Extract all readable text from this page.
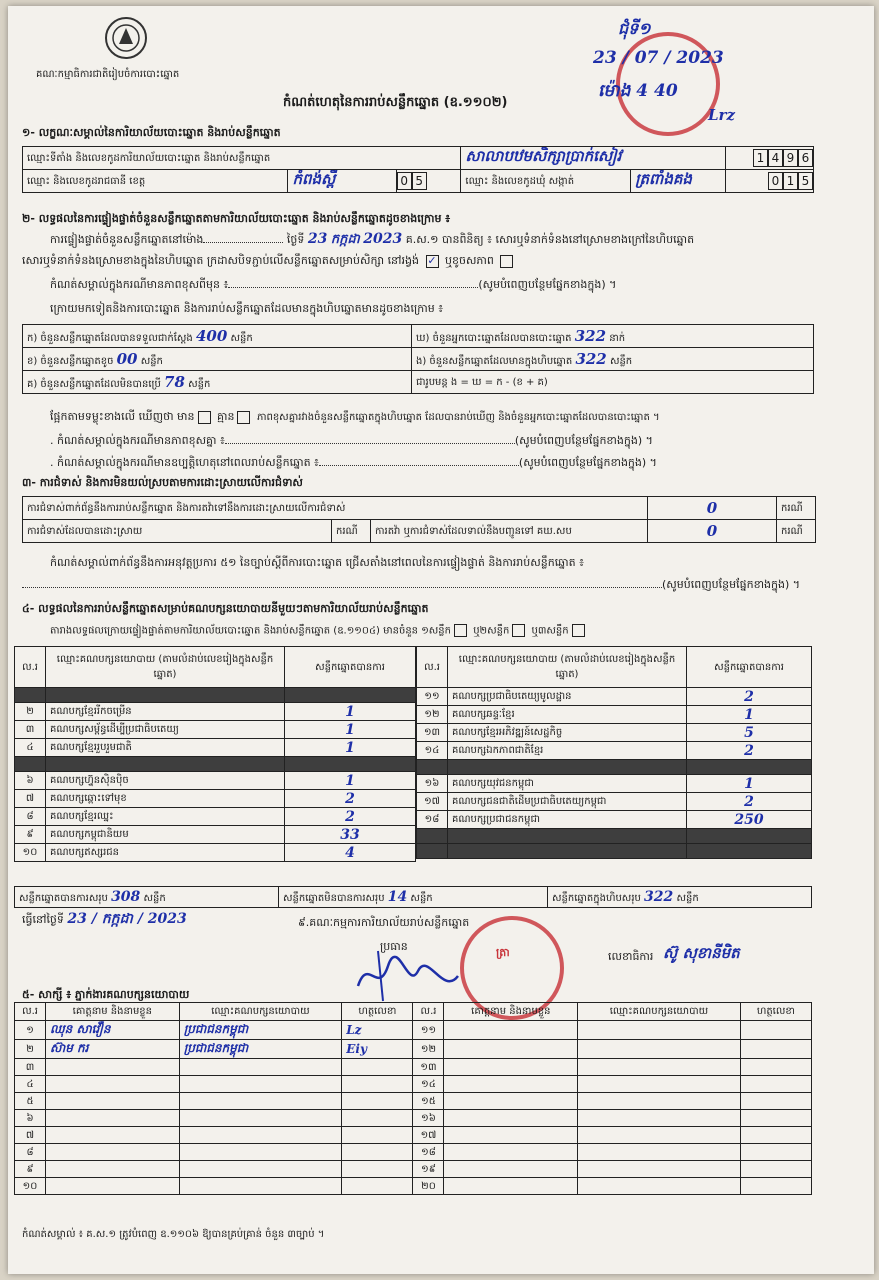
គណៈកម្មាធិការជាតិរៀបចំការបោះឆ្នោត
កំណត់ហេតុនៃការរាប់សន្លឹកឆ្នោត (ឧ.១១០២)
ជុំទី១
23 / 07 / 2023
ម៉ោង 4 40
Lrz
១- លក្ខណៈសម្គាល់នៃការិយាល័យបោះឆ្នោត និងរាប់សន្លឹកឆ្នោត
ឈ្មោះទីតាំង និងលេខកូដការិយាល័យបោះឆ្នោត និងរាប់សន្លឹកឆ្នោត			សាលាបឋមសិក្សាប្រាក់សៀវ		1 4 9 6
ឈ្មោះ និងលេខកូដរាជធានី ខេត្ត	កំពង់ស្ពឺ	0 5	ឈ្មោះ និងលេខកូដឃុំ សង្កាត់	ត្រពាំងគង	0 1 5
២- លទ្ធផលនៃការផ្ទៀងផ្ទាត់ចំនួនសន្លឹកឆ្នោតតាមការិយាល័យបោះឆ្នោត និងរាប់សន្លឹកឆ្នោតដូចខាងក្រោម ៖
ការផ្ទៀងផ្ទាត់ចំនួនសន្លឹកឆ្នោតនៅម៉ោង	ថ្ងៃទី 23 កក្កដា 2023 គ.ស.១ បានពិនិត្យ ៖ សោរឬទំនាក់ទំនងនៅស្រោមខាងក្រៅនៃហិបឆ្នោត
សោរឬទំនាក់ទំនងស្រោមខាងក្នុងនៃហិបឆ្នោត ក្រដាសបិទភ្ជាប់លើសន្លឹកឆ្នោតសម្រាប់សិក្សា នៅរង្វង់ ✓ ឬខូចសភាព
កំណត់សម្គាល់ក្នុងករណីមានភាពខុសពីមុន ៖	(សូមបំពេញបន្ថែមផ្នែកខាងក្នុង) ។
ក្រោយមកទៀតនិងការបោះឆ្នោត និងការរាប់សន្លឹកឆ្នោតដែលមានក្នុងហិបឆ្នោតមានដូចខាងក្រោម ៖
ក) ចំនួនសន្លឹកឆ្នោតដែលបានទទួលជាក់ស្តែង 400 សន្លឹក	ឃ) ចំនួនអ្នកបោះឆ្នោតដែលបានបោះឆ្នោត 322 នាក់
ខ) ចំនួនសន្លឹកឆ្នោតខូច 00 សន្លឹក	ង) ចំនួនសន្លឹកឆ្នោតដែលមានក្នុងហិបឆ្នោត 322 សន្លឹក
គ) ចំនួនសន្លឹកឆ្នោតដែលមិនបានប្រើ 78 សន្លឹក	ជារូបមន្ត ង = ឃ = ក - (ខ + គ)
ផ្អែកតាមទម្លុះខាងលើ ឃើញថា មាន គ្មាន ភាពខុសគ្នារវាងចំនួនសន្លឹកឆ្នោតក្នុងហិបឆ្នោត ដែលបានរាប់ឃើញ និងចំនួនអ្នកបោះឆ្នោតដែលបានបោះឆ្នោត ។
. កំណត់សម្គាល់ក្នុងករណីមានភាពខុសគ្នា ៖	(សូមបំពេញបន្ថែមផ្នែកខាងក្នុង) ។
. កំណត់សម្គាល់ក្នុងករណីមានឧប្បត្តិហេតុនៅពេលរាប់សន្លឹកឆ្នោត ៖	(សូមបំពេញបន្ថែមផ្នែកខាងក្នុង) ។
៣- ការជំទាស់ និងការមិនយល់ស្របតាមការដោះស្រាយលើការជំទាស់
ការជំទាស់ពាក់ព័ន្ធនឹងការរាប់សន្លឹកឆ្នោត និងការតវ៉ាទៅនឹងការដោះស្រាយលើការជំទាស់			0	ករណី
ការជំទាស់ដែលបានដោះស្រាយ	ករណី	ការតវ៉ា ឬការជំទាស់ដែលទាល់នឹងបញ្ជូនទៅ គឃ.សប	0	ករណី
កំណត់សម្គាល់ពាក់ព័ន្ធនឹងការអនុវត្តប្រការ ៥១ នៃច្បាប់ស្តីពីការបោះឆ្នោត ជ្រើសតាំងនៅពេលនៃការផ្ទៀងផ្ទាត់ និងការរាប់សន្លឹកឆ្នោត ៖
(សូមបំពេញបន្ថែមផ្នែកខាងក្នុង) ។
៤- លទ្ធផលនៃការរាប់សន្លឹកឆ្នោតសម្រាប់គណបក្សនយោបាយនីមួយៗតាមការិយាល័យរាប់សន្លឹកឆ្នោត
តារាងលទ្ធផលក្រោយផ្ទៀងផ្ទាត់តាមការិយាល័យបោះឆ្នោត និងរាប់សន្លឹកឆ្នោត (ឧ.១១០៤) មានចំនួន ១សន្លឹក ឬ២សន្លឹក ឬ៣សន្លឹក
ល.រ	ឈ្មោះគណបក្សនយោបាយ (តាមលំដាប់លេខរៀងក្នុងសន្លឹកឆ្នោត)	សន្លឹកឆ្នោតបានការ

២	គណបក្សខ្មែររីកចម្រើន	1
៣	គណបក្សសម្ព័ន្ធដើម្បីប្រជាធិបតេយ្យ	1
៤	គណបក្សខ្មែររួបរួមជាតិ	1

៦	គណបក្សហ្វ៊ុនស៊ិនប៉ិច	1
៧	គណបក្សឆ្ពោះទៅមុខ	2
៨	គណបក្សខ្មែរឈ្នះ	2
៩	គណបក្សកម្ពុជានិយម	33
១០	គណបក្សឥស្សរជន	4
ល.រ	ឈ្មោះគណបក្សនយោបាយ (តាមលំដាប់លេខរៀងក្នុងសន្លឹកឆ្នោត)	សន្លឹកឆ្នោតបានការ
១១	គណបក្សប្រជាធិបតេយ្យមូលដ្ឋាន	2
១២	គណបក្សឆន្ទៈខ្មែរ	1
១៣	គណបក្សខ្មែរអភិវឌ្ឍន៍សេដ្ឋកិច្ច	5
១៤	គណបក្សឯកភាពជាតិខ្មែរ	2

១៦	គណបក្សយុវជនកម្ពុជា	1
១៧	គណបក្សជនជាតិដើមប្រជាធិបតេយ្យកម្ពុជា	2
១៨	គណបក្សប្រជាជនកម្ពុជា	250

សន្លឹកឆ្នោតបានការសរុប 308 សន្លឹក	សន្លឹកឆ្នោតមិនបានការសរុប 14 សន្លឹក	សន្លឹកឆ្នោតក្នុងហិបសរុប 322 សន្លឹក
ធ្វើនៅថ្ងៃទី 23 / កក្កដា / 2023	៩.គណៈកម្មការការិយាល័យរាប់សន្លឹកឆ្នោត
ប្រធាន	ត្រា	លេខាធិការ ស៊ូ សុខានីមិត
៥- សាក្សី ៖ ភ្នាក់ងារគណបក្សនយោបាយ
ល.រ	គោត្តនាម និងនាមខ្លួន	ឈ្មោះគណបក្សនយោបាយ	ហត្ថលេខា	ល.រ	គោត្តនាម និងនាមខ្លួន	ឈ្មោះគណបក្សនយោបាយ	ហត្ថលេខា
១	ឈុន សាវឿន	ប្រជាជនកម្ពុជា	Lz	១១			
២	ស៊ាម ករ	ប្រជាជនកម្ពុជា	Eiy	១២			
៣				១៣			
៤				១៤			
៥				១៥			
៦				១៦			
៧				១៧			
៨				១៨			
៩				១៩			
១០				២០			
កំណត់សម្គាល់ ៖ គ.ស.១ ត្រូវបំពេញ ឧ.១១០៦ ឱ្យបានគ្រប់គ្រាន់ ចំនួន ៣ច្បាប់ ។
